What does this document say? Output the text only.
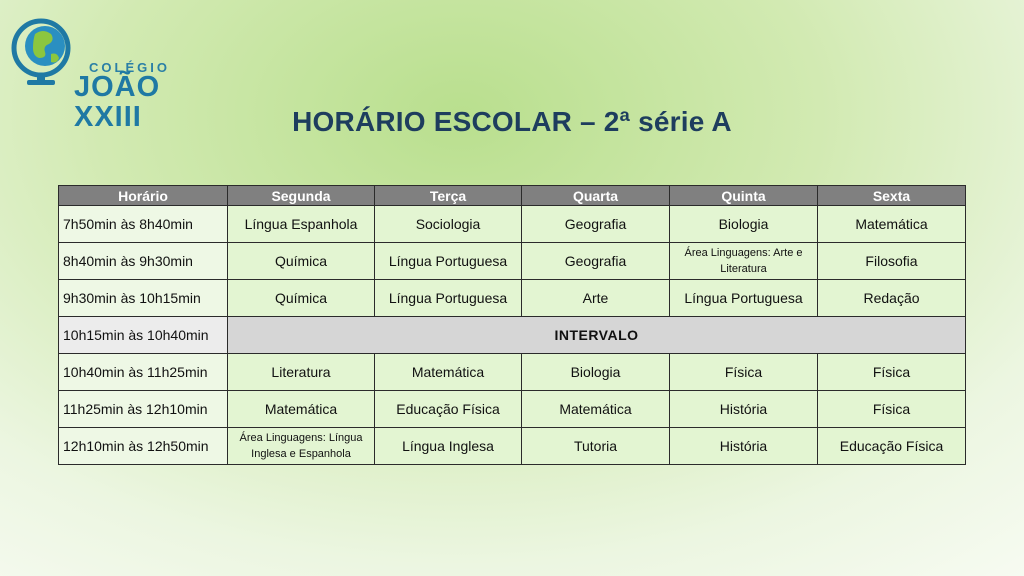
COLÉGIO
JOÃO XXIII	HORÁRIO ESCOLAR – 2ª série A
Horário	Segunda	Terça	Quarta	Quinta	Sexta
7h50min às 8h40min	Língua Espanhola	Sociologia	Geografia	Biologia	Matemática
8h40min às 9h30min	Química	Língua Portuguesa	Geografia	Área Linguagens: Arte e Literatura	Filosofia
9h30min às 10h15min	Química	Língua Portuguesa	Arte	Língua Portuguesa	Redação
10h15min às 10h40min	INTERVALO				
10h40min às 11h25min	Literatura	Matemática	Biologia	Física	Física
11h25min às 12h10min	Matemática	Educação Física	Matemática	História	Física
12h10min às 12h50min	Área Linguagens: Língua Inglesa e Espanhola	Língua Inglesa	Tutoria	História	Educação Física
